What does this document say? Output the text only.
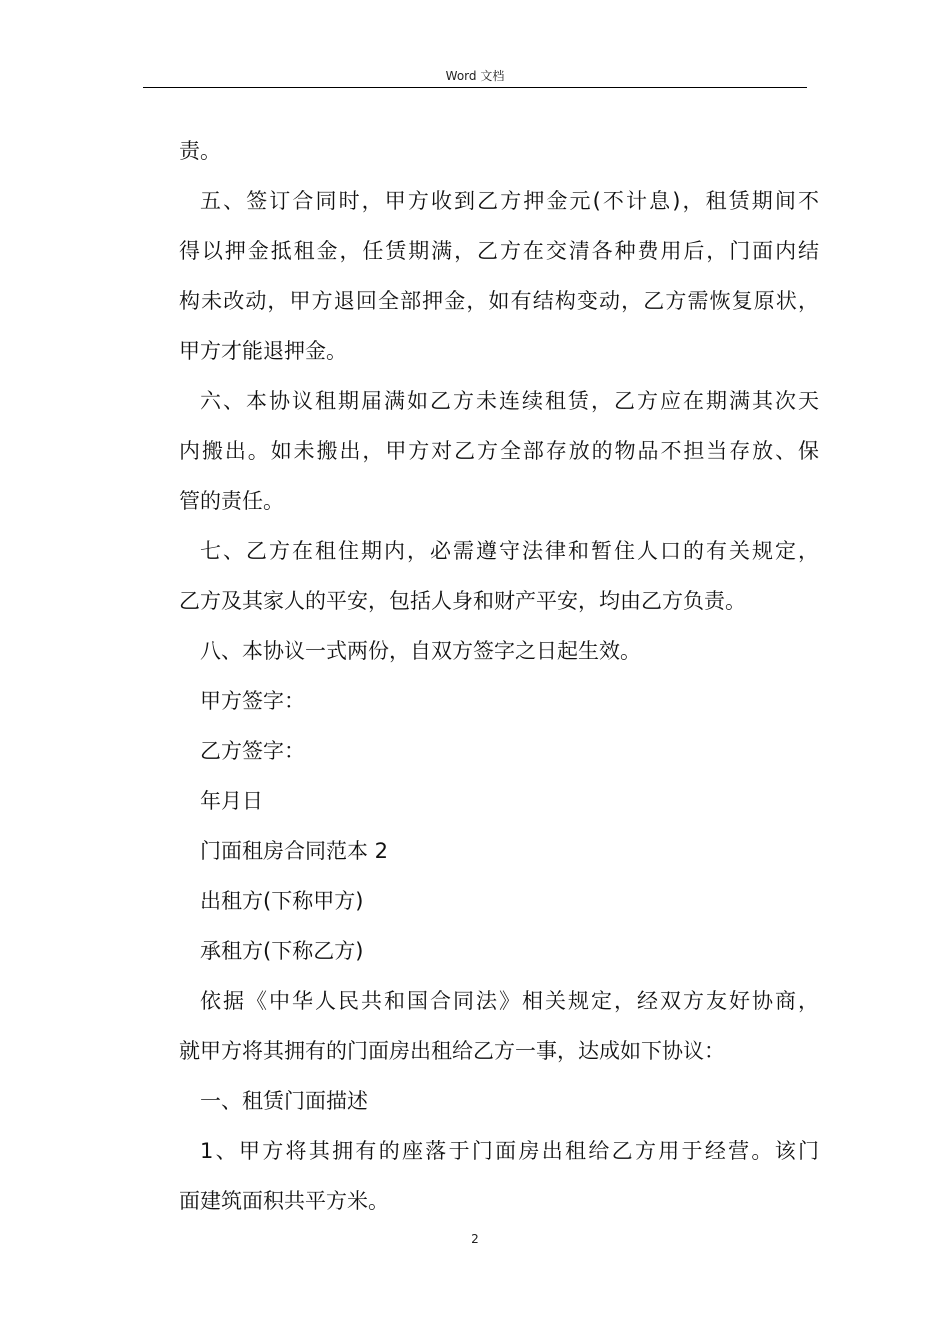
Word 文档
责。
五、签订合同时，甲方收到乙方押金元(不计息)，租赁期间不
得以押金抵租金，任赁期满，乙方在交清各种费用后，门面内结
构未改动，甲方退回全部押金，如有结构变动，乙方需恢复原状，
甲方才能退押金。
六、本协议租期届满如乙方未连续租赁，乙方应在期满其次天
内搬出。如未搬出，甲方对乙方全部存放的物品不担当存放、保
管的责任。
七、乙方在租住期内，必需遵守法律和暂住人口的有关规定，
乙方及其家人的平安，包括人身和财产平安，均由乙方负责。
八、本协议一式两份，自双方签字之日起生效。
甲方签字：
乙方签字：
年月日
门面租房合同范本 2
出租方(下称甲方)
承租方(下称乙方)
依据《中华人民共和国合同法》相关规定，经双方友好协商，
就甲方将其拥有的门面房出租给乙方一事，达成如下协议：
一、租赁门面描述
1、甲方将其拥有的座落于门面房出租给乙方用于经营。该门
面建筑面积共平方米。
2
